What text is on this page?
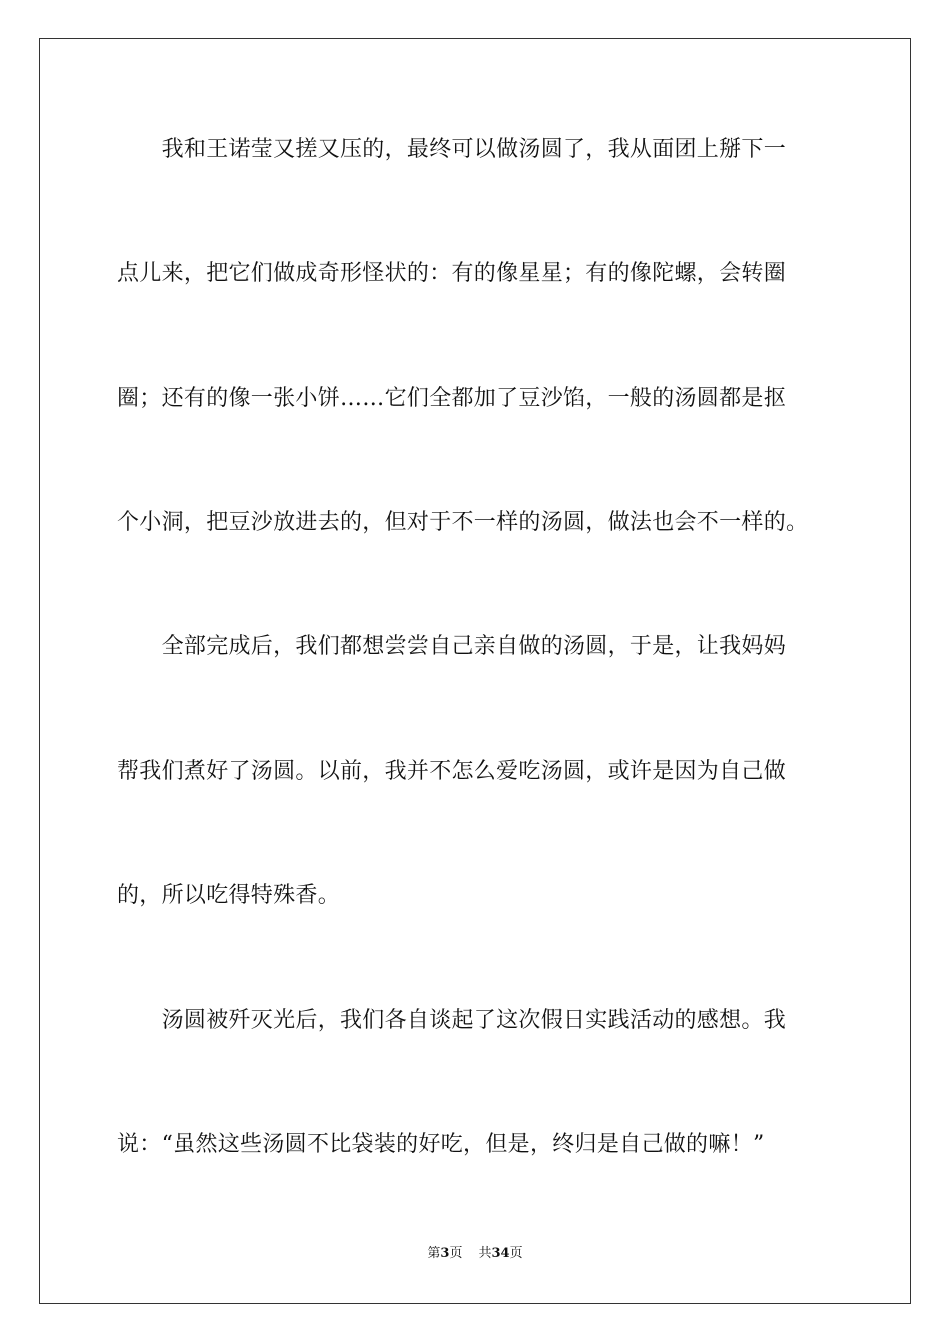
　　我和王诺莹又搓又压的，最终可以做汤圆了，我从面团上掰下一
点儿来，把它们做成奇形怪状的：有的像星星；有的像陀螺，会转圈
圈；还有的像一张小饼……它们全都加了豆沙馅，一般的汤圆都是抠
个小洞，把豆沙放进去的，但对于不一样的汤圆，做法也会不一样的。
　　全部完成后，我们都想尝尝自己亲自做的汤圆，于是，让我妈妈
帮我们煮好了汤圆。以前，我并不怎么爱吃汤圆，或许是因为自己做
的，所以吃得特殊香。
　　汤圆被歼灭光后，我们各自谈起了这次假日实践活动的感想。我
说：“虽然这些汤圆不比袋装的好吃，但是，终归是自己做的嘛！”
第3页 共34页
